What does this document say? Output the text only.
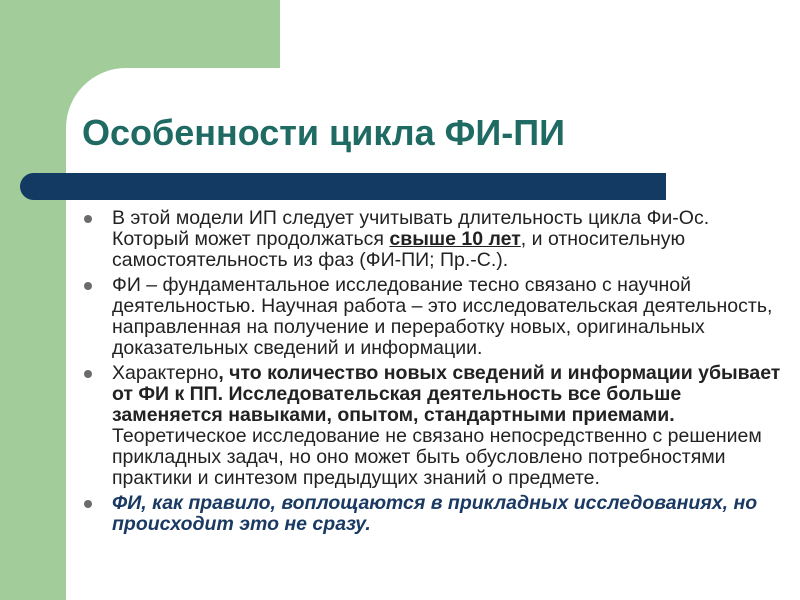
Особенности цикла ФИ-ПИ
В этой модели ИП следует учитывать длительность цикла Фи-Ос. Который может продолжаться свыше 10 лет, и относительную самостоятельность из фаз (ФИ-ПИ; Пр.-С.).
ФИ – фундаментальное исследование тесно связано с научной деятельностью. Научная работа – это исследовательская деятельность, направленная на получение и переработку новых, оригинальных доказательных сведений и информации.
Характерно, что количество новых сведений и информации убывает от ФИ к ПП. Исследовательская деятельность все больше заменяется навыками, опытом, стандартными приемами. Теоретическое исследование не связано непосредственно с решением прикладных задач, но оно может быть обусловлено потребностями практики и синтезом предыдущих знаний о предмете.
ФИ, как правило, воплощаются в прикладных исследованиях, но происходит это не сразу.
